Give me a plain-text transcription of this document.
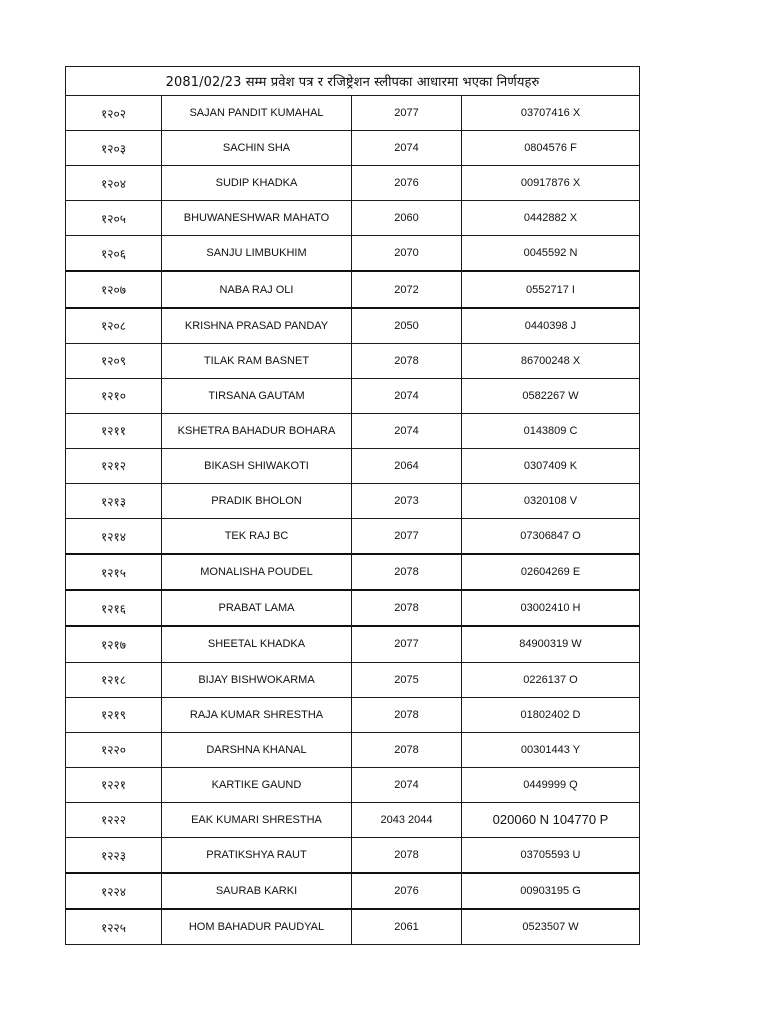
2081/02/23 सम्म प्रवेश पत्र र रजिष्ट्रेशन स्लीपका आधारमा भएका निर्णयहरु			
१२०२	SAJAN PANDIT KUMAHAL	2077	03707416 X
१२०३	SACHIN SHA	2074	0804576 F
१२०४	SUDIP KHADKA	2076	00917876 X
१२०५	BHUWANESHWAR MAHATO	2060	0442882 X
१२०६	SANJU LIMBUKHIM	2070	0045592 N
१२०७	NABA RAJ OLI	2072	0552717 I
१२०८	KRISHNA PRASAD PANDAY	2050	0440398 J
१२०९	TILAK RAM BASNET	2078	86700248 X
१२१०	TIRSANA GAUTAM	2074	0582267 W
१२११	KSHETRA BAHADUR BOHARA	2074	0143809 C
१२१२	BIKASH SHIWAKOTI	2064	0307409 K
१२१३	PRADIK BHOLON	2073	0320108 V
१२१४	TEK RAJ BC	2077	07306847 O
१२१५	MONALISHA POUDEL	2078	02604269 E
१२१६	PRABAT LAMA	2078	03002410 H
१२१७	SHEETAL KHADKA	2077	84900319 W
१२१८	BIJAY BISHWOKARMA	2075	0226137 O
१२१९	RAJA KUMAR SHRESTHA	2078	01802402 D
१२२०	DARSHNA KHANAL	2078	00301443 Y
१२२१	KARTIKE GAUND	2074	0449999 Q
१२२२	EAK KUMARI SHRESTHA	2043 2044	020060 N 104770 P
१२२३	PRATIKSHYA RAUT	2078	03705593 U
१२२४	SAURAB KARKI	2076	00903195 G
१२२५	HOM BAHADUR PAUDYAL	2061	0523507 W
